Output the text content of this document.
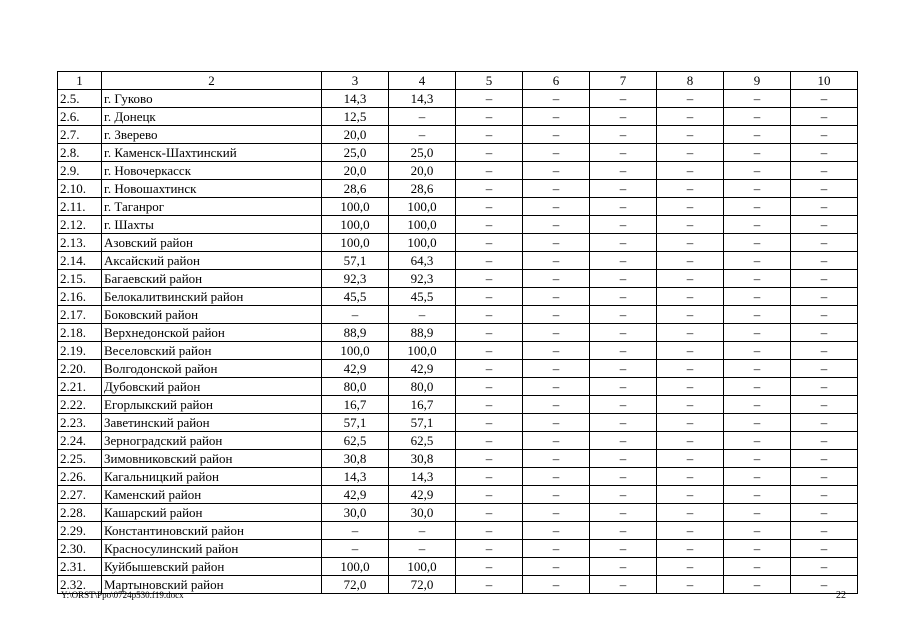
1	2	3	4	5	6	7	8	9	10
2.5.	г. Гуково	14,3	14,3	–	–	–	–	–	–
2.6.	г. Донецк	12,5	–	–	–	–	–	–	–
2.7.	г. Зверево	20,0	–	–	–	–	–	–	–
2.8.	г. Каменск-Шахтинский	25,0	25,0	–	–	–	–	–	–
2.9.	г. Новочеркасск	20,0	20,0	–	–	–	–	–	–
2.10.	г. Новошахтинск	28,6	28,6	–	–	–	–	–	–
2.11.	г. Таганрог	100,0	100,0	–	–	–	–	–	–
2.12.	г. Шахты	100,0	100,0	–	–	–	–	–	–
2.13.	Азовский район	100,0	100,0	–	–	–	–	–	–
2.14.	Аксайский район	57,1	64,3	–	–	–	–	–	–
2.15.	Багаевский район	92,3	92,3	–	–	–	–	–	–
2.16.	Белокалитвинский район	45,5	45,5	–	–	–	–	–	–
2.17.	Боковский район	–	–	–	–	–	–	–	–
2.18.	Верхнедонской район	88,9	88,9	–	–	–	–	–	–
2.19.	Веселовский район	100,0	100,0	–	–	–	–	–	–
2.20.	Волгодонской район	42,9	42,9	–	–	–	–	–	–
2.21.	Дубовский район	80,0	80,0	–	–	–	–	–	–
2.22.	Егорлыкский район	16,7	16,7	–	–	–	–	–	–
2.23.	Заветинский район	57,1	57,1	–	–	–	–	–	–
2.24.	Зерноградский район	62,5	62,5	–	–	–	–	–	–
2.25.	Зимовниковский район	30,8	30,8	–	–	–	–	–	–
2.26.	Кагальницкий район	14,3	14,3	–	–	–	–	–	–
2.27.	Каменский район	42,9	42,9	–	–	–	–	–	–
2.28.	Кашарский район	30,0	30,0	–	–	–	–	–	–
2.29.	Константиновский район	–	–	–	–	–	–	–	–
2.30.	Красносулинский район	–	–	–	–	–	–	–	–
2.31.	Куйбышевский район	100,0	100,0	–	–	–	–	–	–
2.32.	Мартыновский район	72,0	72,0	–	–	–	–	–	–
Y:\ORST\Ppo\0724p530.f19.docx	22
